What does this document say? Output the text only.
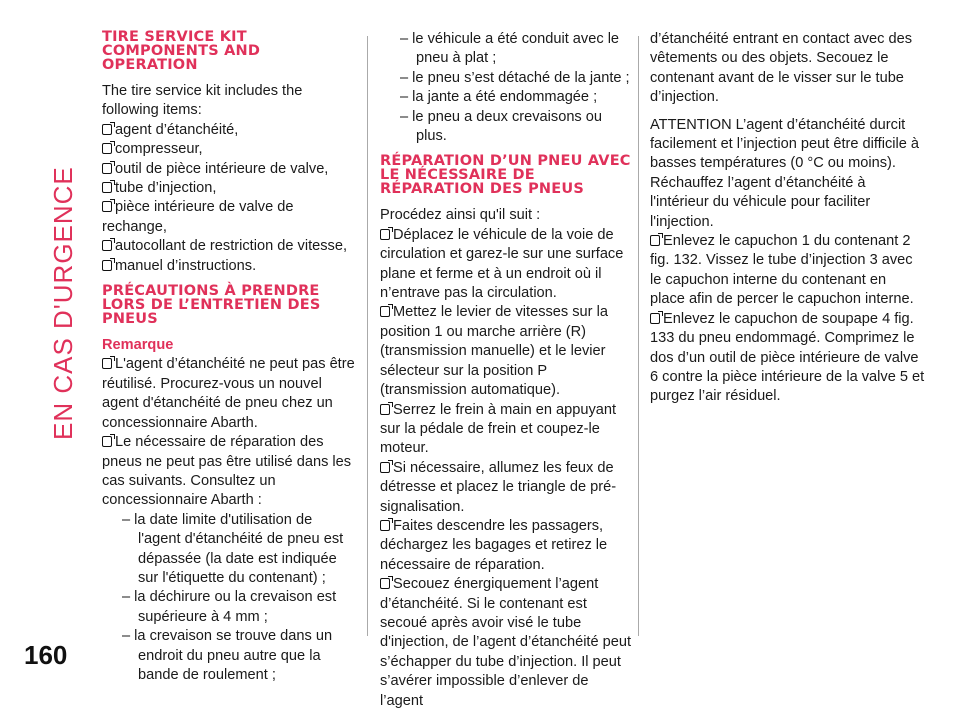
EN CAS D'URGENCE
160
TIRE SERVICE KIT COMPONENTS AND OPERATION

The tire service kit includes the following items:

agent d’étanchéité,

compresseur,

outil de pièce intérieure de valve,

tube d’injection,

pièce intérieure de valve de rechange,

autocollant de restriction de vitesse,

manuel d’instructions.

PRÉCAUTIONS À PRENDRE LORS DE L’ENTRETIEN DES PNEUS

Remarque

L'agent d’étanchéité ne peut pas être réutilisé. Procurez-vous un nouvel agent d'étanchéité de pneu chez un concessionnaire Abarth.

Le nécessaire de réparation des pneus ne peut pas être utilisé dans les cas suivants. Consultez un concessionnaire Abarth :

– la date limite d'utilisation de l'agent d'étanchéité de pneu est dépassée (la date est indiquée sur l'étiquette du contenant) ;

– la déchirure ou la crevaison est supérieure à 4 mm ;

– la crevaison se trouve dans un endroit du pneu autre que la bande de roulement ;

– le véhicule a été conduit avec le pneu à plat ;

– le pneu s’est détaché de la jante ;

– la jante a été endommagée ;

– le pneu a deux crevaisons ou plus.

RÉPARATION D’UN PNEU AVEC LE NÉCESSAIRE DE RÉPARATION DES PNEUS

Procédez ainsi qu'il suit :

Déplacez le véhicule de la voie de circulation et garez-le sur une surface plane et ferme et à un endroit où il n’entrave pas la circulation.

Mettez le levier de vitesses sur la position 1 ou marche arrière (R) (transmission manuelle) et le levier sélecteur sur la position P (transmission automatique).

Serrez le frein à main en appuyant sur la pédale de frein et coupez-le moteur.

Si nécessaire, allumez les feux de détresse et placez le triangle de pré-signalisation.

Faites descendre les passagers, déchargez les bagages et retirez le nécessaire de réparation.

Secouez énergiquement l’agent d’étanchéité. Si le contenant est secoué après avoir visé le tube d'injection, de l’agent d’étanchéité peut s’échapper du tube d’injection. Il peut s’avérer impossible d’enlever de l’agent

d’étanchéité entrant en contact avec des vêtements ou des objets. Secouez le contenant avant de le visser sur le tube d’injection.

ATTENTION L’agent d’étanchéité durcit facilement et l’injection peut être difficile à basses températures (0 °C ou moins). Réchauffez l’agent d’étanchéité à l'intérieur du véhicule pour faciliter l'injection.

Enlevez le capuchon 1 du contenant 2 fig. 132. Vissez le tube d’injection 3 avec le capuchon interne du contenant en place afin de percer le capuchon interne.

Enlevez le capuchon de soupape 4 fig. 133 du pneu endommagé. Comprimez le dos d’un outil de pièce intérieure de valve 6 contre la pièce intérieure de la valve 5 et purgez l’air résiduel.
